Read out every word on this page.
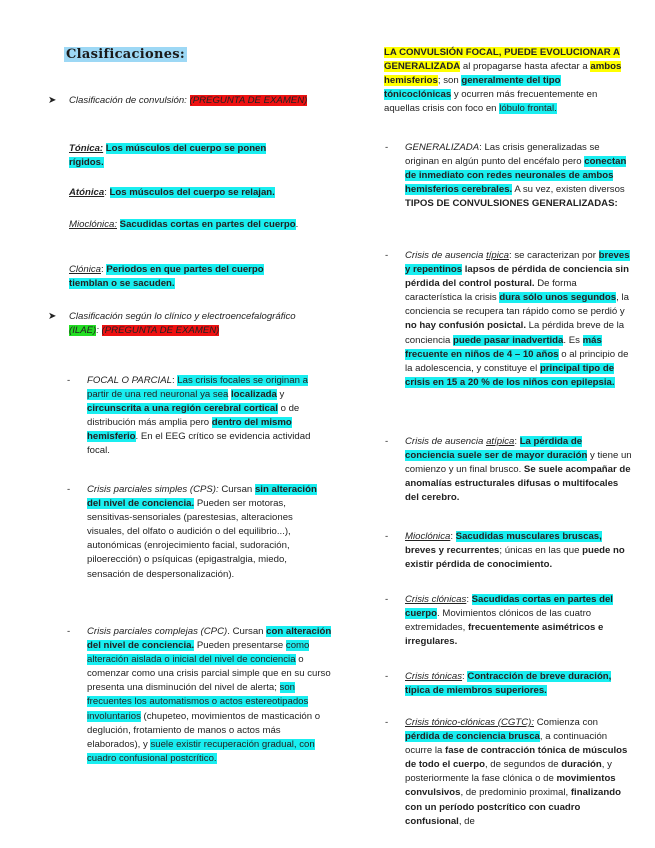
Clasificaciones:
➤ Clasificación de convulsión: (PREGUNTA DE EXAMEN)

Tónica: Los músculos del cuerpo se ponen rígidos.

Atónica: Los músculos del cuerpo se relajan.

Mioclónica: Sacudidas cortas en partes del cuerpo.

Clónica: Periodos en que partes del cuerpo tiemblan o se sacuden.

➤ Clasificación según lo clínico y electroencefalográfico (ILAE): (PREGUNTA DE EXAMEN)

- FOCAL O PARCIAL: Las crisis focales se originan a partir de una red neuronal ya sea localizada y circunscrita a una región cerebral cortical o de distribución más amplia pero dentro del mismo hemisferio. En el EEG crítico se evidencia actividad focal.

- Crisis parciales simples (CPS): Cursan sin alteración del nivel de conciencia. Pueden ser motoras, sensitivas-sensoriales (parestesias, alteraciones visuales, del olfato o audición o del equilibrio...), autonómicas (enrojecimiento facial, sudoración, piloerección) o psíquicas (epigastralgia, miedo, sensación de despersonalización).

- Crisis parciales complejas (CPC). Cursan con alteración del nivel de conciencia. Pueden presentarse como alteración aislada o inicial del nivel de conciencia o comenzar como una crisis parcial simple que en su curso presenta una disminución del nivel de alerta; son frecuentes los automatismos o actos estereotipados involuntarios (chupeteo, movimientos de masticación o deglución, frotamiento de manos o actos más elaborados), y suele existir recuperación gradual, con cuadro confusional postcrítico.

LA CONVULSIÓN FOCAL, PUEDE EVOLUCIONAR A GENERALIZADA al propagarse hasta afectar a ambos hemisferios; son generalmente del tipo tónicoclónicas y ocurren más frecuentemente en aquellas crisis con foco en lóbulo frontal.

- GENERALIZADA: Las crisis generalizadas se originan en algún punto del encéfalo pero conectan de inmediato con redes neuronales de ambos hemisferios cerebrales. A su vez, existen diversos TIPOS DE CONVULSIONES GENERALIZADAS:

- Crisis de ausencia típica: se caracterizan por breves y repentinos lapsos de pérdida de conciencia sin pérdida del control postural. De forma característica la crisis dura sólo unos segundos, la conciencia se recupera tan rápido como se perdió y no hay confusión posictal. La pérdida breve de la conciencia puede pasar inadvertida. Es más frecuente en niños de 4 – 10 años o al principio de la adolescencia, y constituye el principal tipo de crisis en 15 a 20 % de los niños con epilepsia.

- Crisis de ausencia atípica: La pérdida de conciencia suele ser de mayor duración y tiene un comienzo y un final brusco. Se suele acompañar de anomalías estructurales difusas o multifocales del cerebro.

- Mioclónica: Sacudidas musculares bruscas, breves y recurrentes; únicas en las que puede no existir pérdida de conocimiento.

- Crisis clónicas: Sacudidas cortas en partes del cuerpo. Movimientos clónicos de las cuatro extremidades, frecuentemente asimétricos e irregulares.

- Crisis tónicas: Contracción de breve duración, típica de miembros superiores.

- Crisis tónico-clónicas (CGTC): Comienza con pérdida de conciencia brusca, a continuación ocurre la fase de contracción tónica de músculos de todo el cuerpo, de segundos de duración, y posteriormente la fase clónica o de movimientos convulsivos, de predominio proximal, finalizando con un período postcrítico con cuadro confusional, de
